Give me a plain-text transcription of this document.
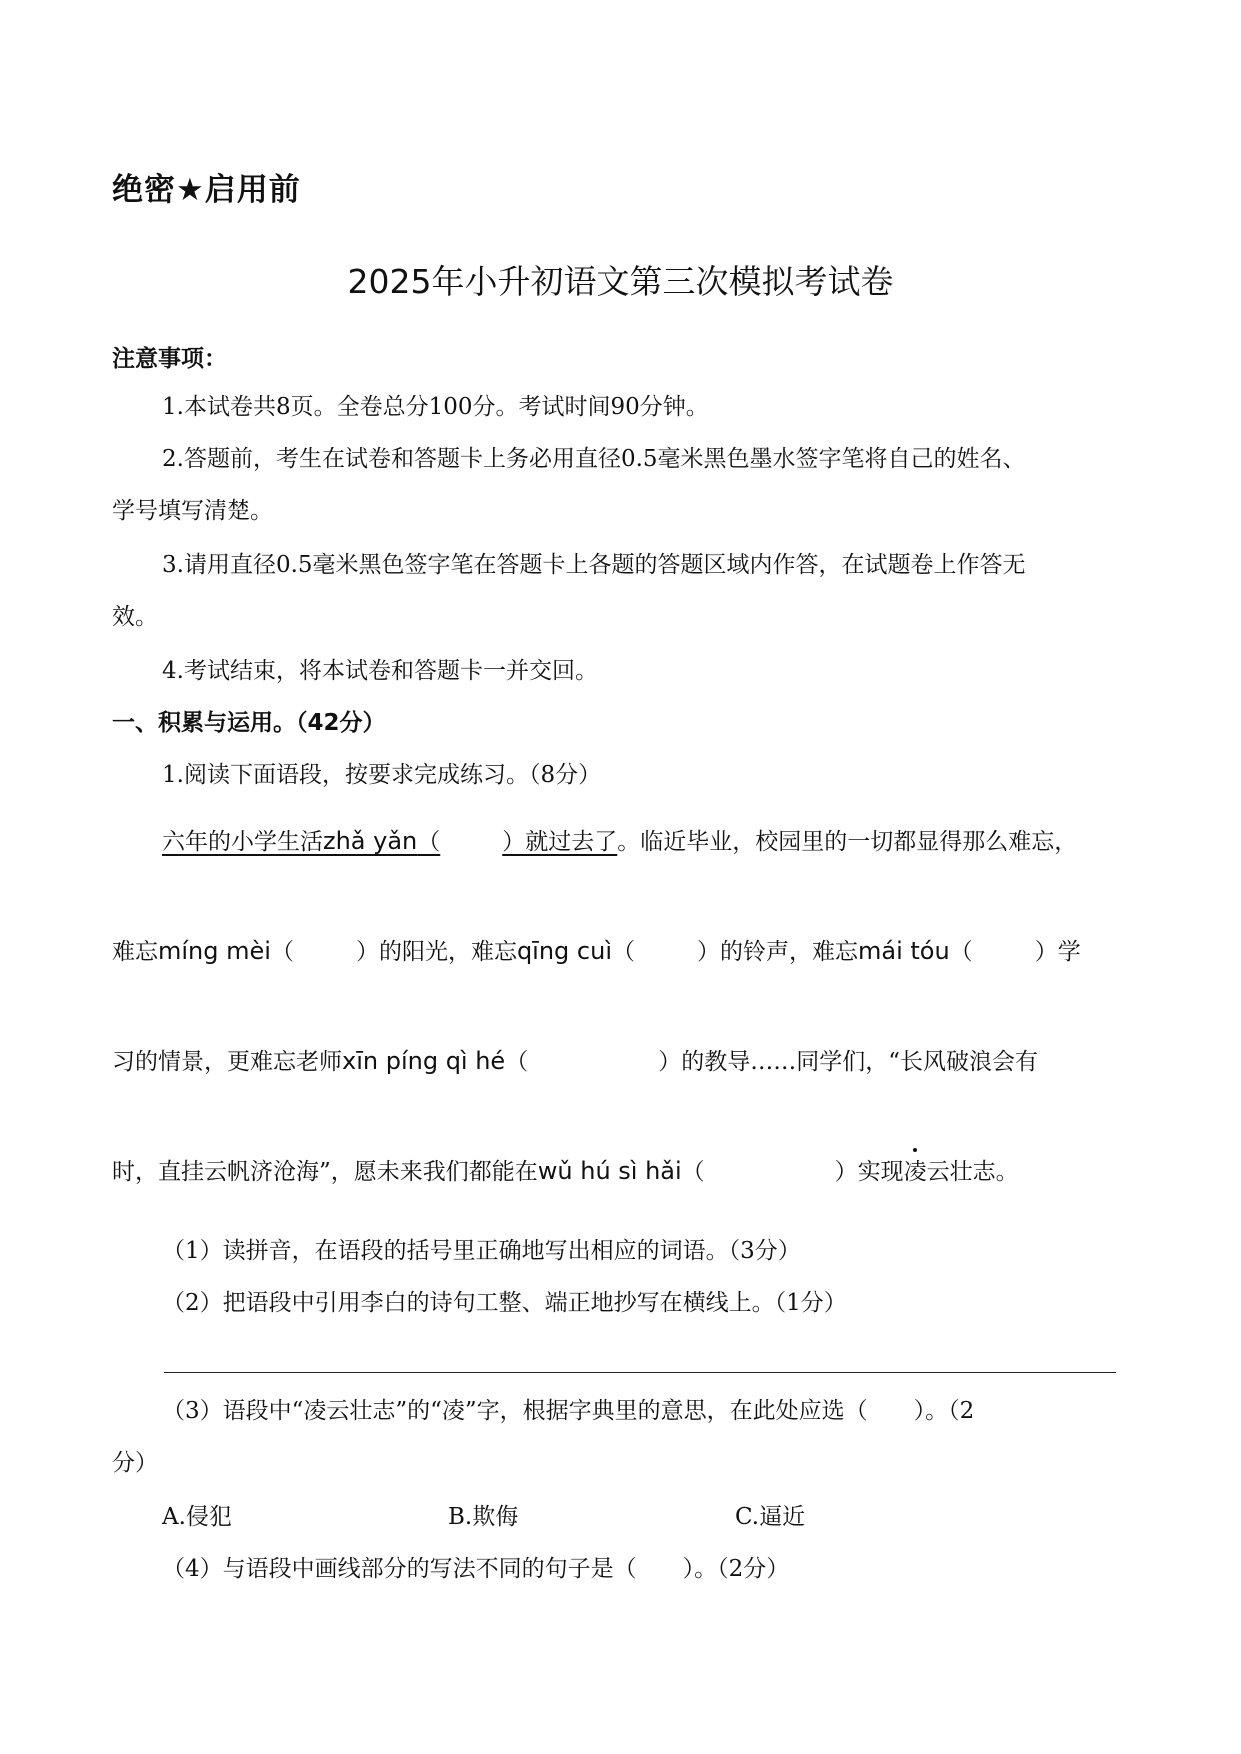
绝密★启用前
2025年小升初语文第三次模拟考试卷
注意事项：
1.本试卷共8页。全卷总分100分。考试时间90分钟。
2.答题前，考生在试卷和答题卡上务必用直径0.5毫米黑色墨水签字笔将自己的姓名、
学号填写清楚。
3.请用直径0.5毫米黑色签字笔在答题卡上各题的答题区域内作答，在试题卷上作答无
效。
4.考试结束，将本试卷和答题卡一并交回。
一、积累与运用。（42分）
1.阅读下面语段，按要求完成练习。（8分）
六年的小学生活zhǎ yǎn（	）就过去了。临近毕业，校园里的一切都显得那么难忘，
难忘míng mèi（	）的阳光，难忘qīng cuì（	）的铃声，难忘mái tóu（	）学
习的情景，更难忘老师xīn píng qì hé（	）的教导……同学们，“长风破浪会有
时，直挂云帆济沧海”，愿未来我们都能在wǔ hú sì hǎi（	）实现凌云壮志。
（1）读拼音，在语段的括号里正确地写出相应的词语。（3分）
（2）把语段中引用李白的诗句工整、端正地抄写在横线上。（1分）
（3）语段中“凌云壮志”的“凌”字，根据字典里的意思，在此处应选（　　）。（2
分）
A.侵犯	B.欺侮	C.逼近
（4）与语段中画线部分的写法不同的句子是（　　）。（2分）
